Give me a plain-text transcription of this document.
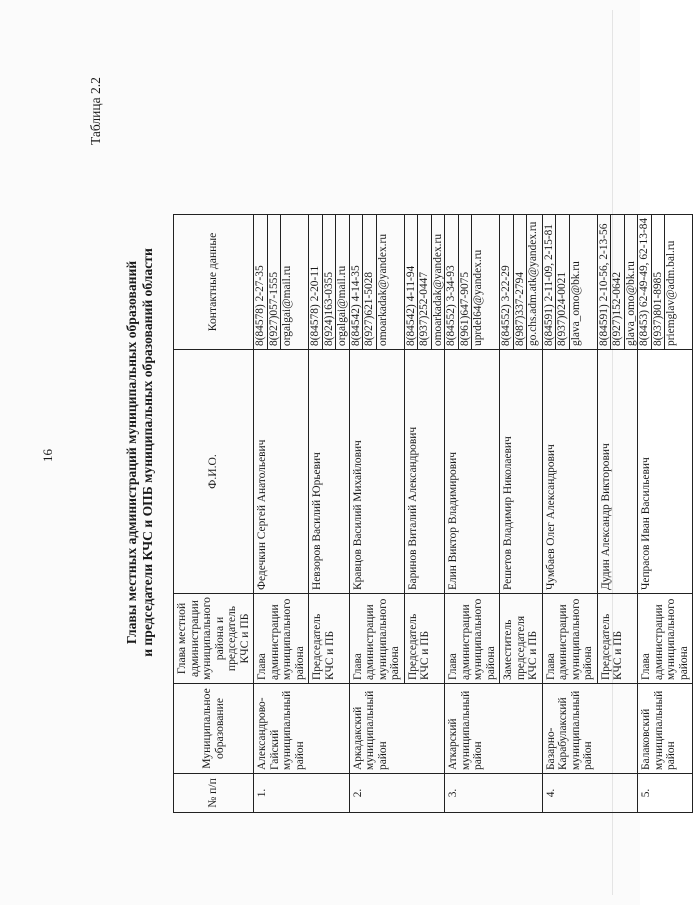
16
Таблица 2.2
Главы местных администраций муниципальных образований и председатели КЧС и ОПБ муниципальных образований области
№ п/п	Муниципальное образование	Глава местной администрации муниципального района и председатель КЧС и ПБ	Ф.И.О.	Контактные данные
1.	Александрово-Гайский муниципальный район	Глава администрации муниципального района	Федечкин Сергей Анатольевич	8(84578) 2-27-35 8(927)057-1555 orgalgai@mail.ru

		Председатель КЧС и ПБ	Невзоров Василий Юрьевич	8(84578) 2-20-11 8(924)163-0355 orgalgai@mail.ru

2.	Аркадакский муниципальный район	Глава администрации муниципального района	Кравцов Василий Михайлович	8(84542) 4-14-35 8(927)621-5028 omoarkadak@yandex.ru

		Председатель КЧС и ПБ	Баринов Виталий Александрович	8(84542) 4-11-94 8(937)252-0447 omoarkadak@yandex.ru

3.	Аткарский муниципальный район	Глава администрации муниципального района	Елин Виктор Владимирович	8(84552) 3-34-93 8(961)647-9075 uprdel64@yandex.ru

		Заместитель председателя КЧС и ПБ	Решетов Владимир Николаевич	8(84552) 3-22-29 8(987)337-2794 go.chs.adm.atk@yandex.ru

4.	Базарно-Карабулакский муниципальный район	Глава администрации муниципального района	Чумбаев Олег Александрович	8(84591) 2-11-09, 2-15-81 8(937)024-0021 glava_omo@bk.ru

		Председатель КЧС и ПБ	Дудин Александр Викторович	8(84591) 2-10-56, 2-13-56 8(927)152-0642 glava_omo@bk.ru

5.	Балаковский муниципальный район	Глава администрации муниципального района	Чепрасов Иван Васильевич	8(8453) 62-49-49, 62-13-84 8(937)801-8985 priemglav@adm.bal.ru
